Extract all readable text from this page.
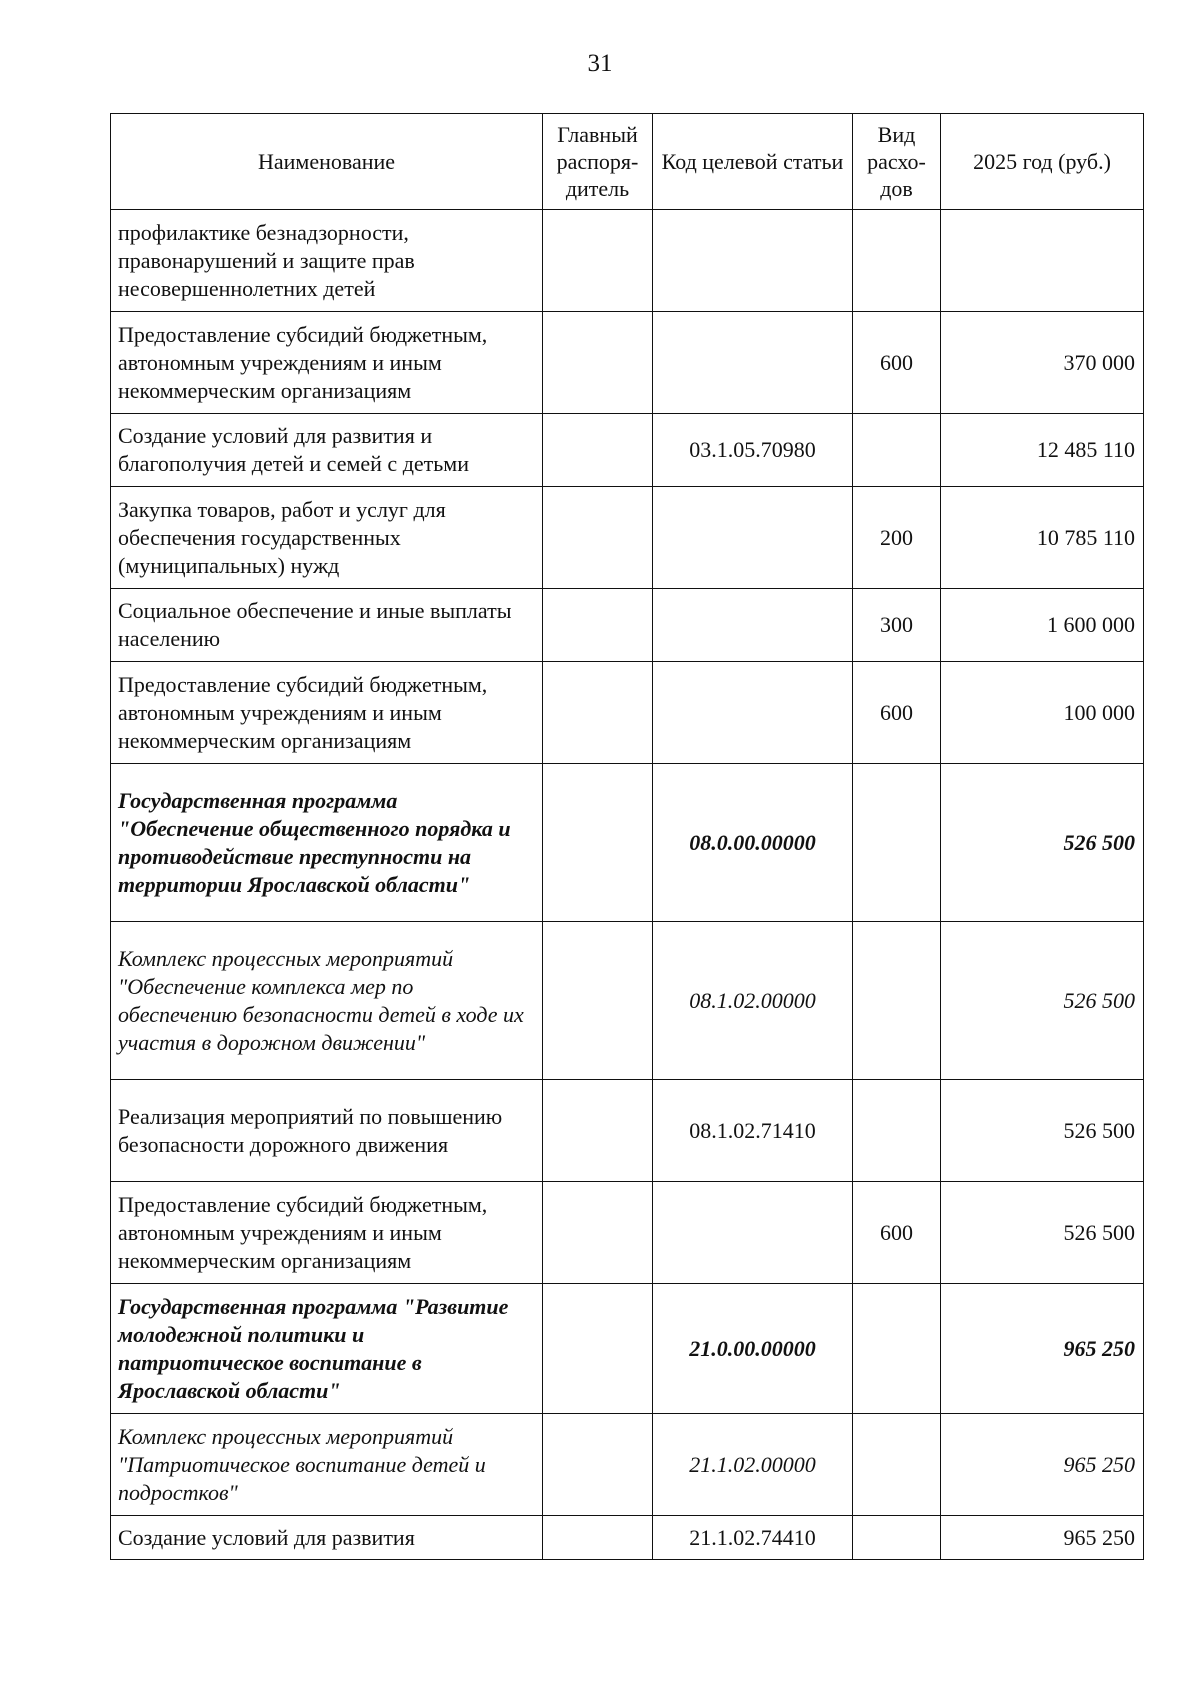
31
Наименование	Главный распоря-дитель	Код целевой статьи	Вид расхо-дов	2025 год (руб.)
профилактике безнадзорности, правонарушений и защите прав несовершеннолетних детей				
Предоставление субсидий бюджетным, автономным учреждениям и иным некоммерческим организациям			600	370 000
Создание условий для развития и благополучия детей и семей с детьми		03.1.05.70980		12 485 110
Закупка товаров, работ и услуг для обеспечения государственных (муниципальных) нужд			200	10 785 110
Социальное обеспечение и иные выплаты населению			300	1 600 000
Предоставление субсидий бюджетным, автономным учреждениям и иным некоммерческим организациям			600	100 000
Государственная программа "Обеспечение общественного порядка и противодействие преступности на территории Ярославской области"		08.0.00.00000		526 500
Комплекс процессных мероприятий "Обеспечение комплекса мер по обеспечению безопасности детей в ходе их участия в дорожном движении"		08.1.02.00000		526 500
Реализация мероприятий по повышению безопасности дорожного движения		08.1.02.71410		526 500
Предоставление субсидий бюджетным, автономным учреждениям и иным некоммерческим организациям			600	526 500
Государственная программа "Развитие молодежной политики и патриотическое воспитание в Ярославской области"		21.0.00.00000		965 250
Комплекс процессных мероприятий "Патриотическое воспитание детей и подростков"		21.1.02.00000		965 250
Создание условий для развития		21.1.02.74410		965 250
